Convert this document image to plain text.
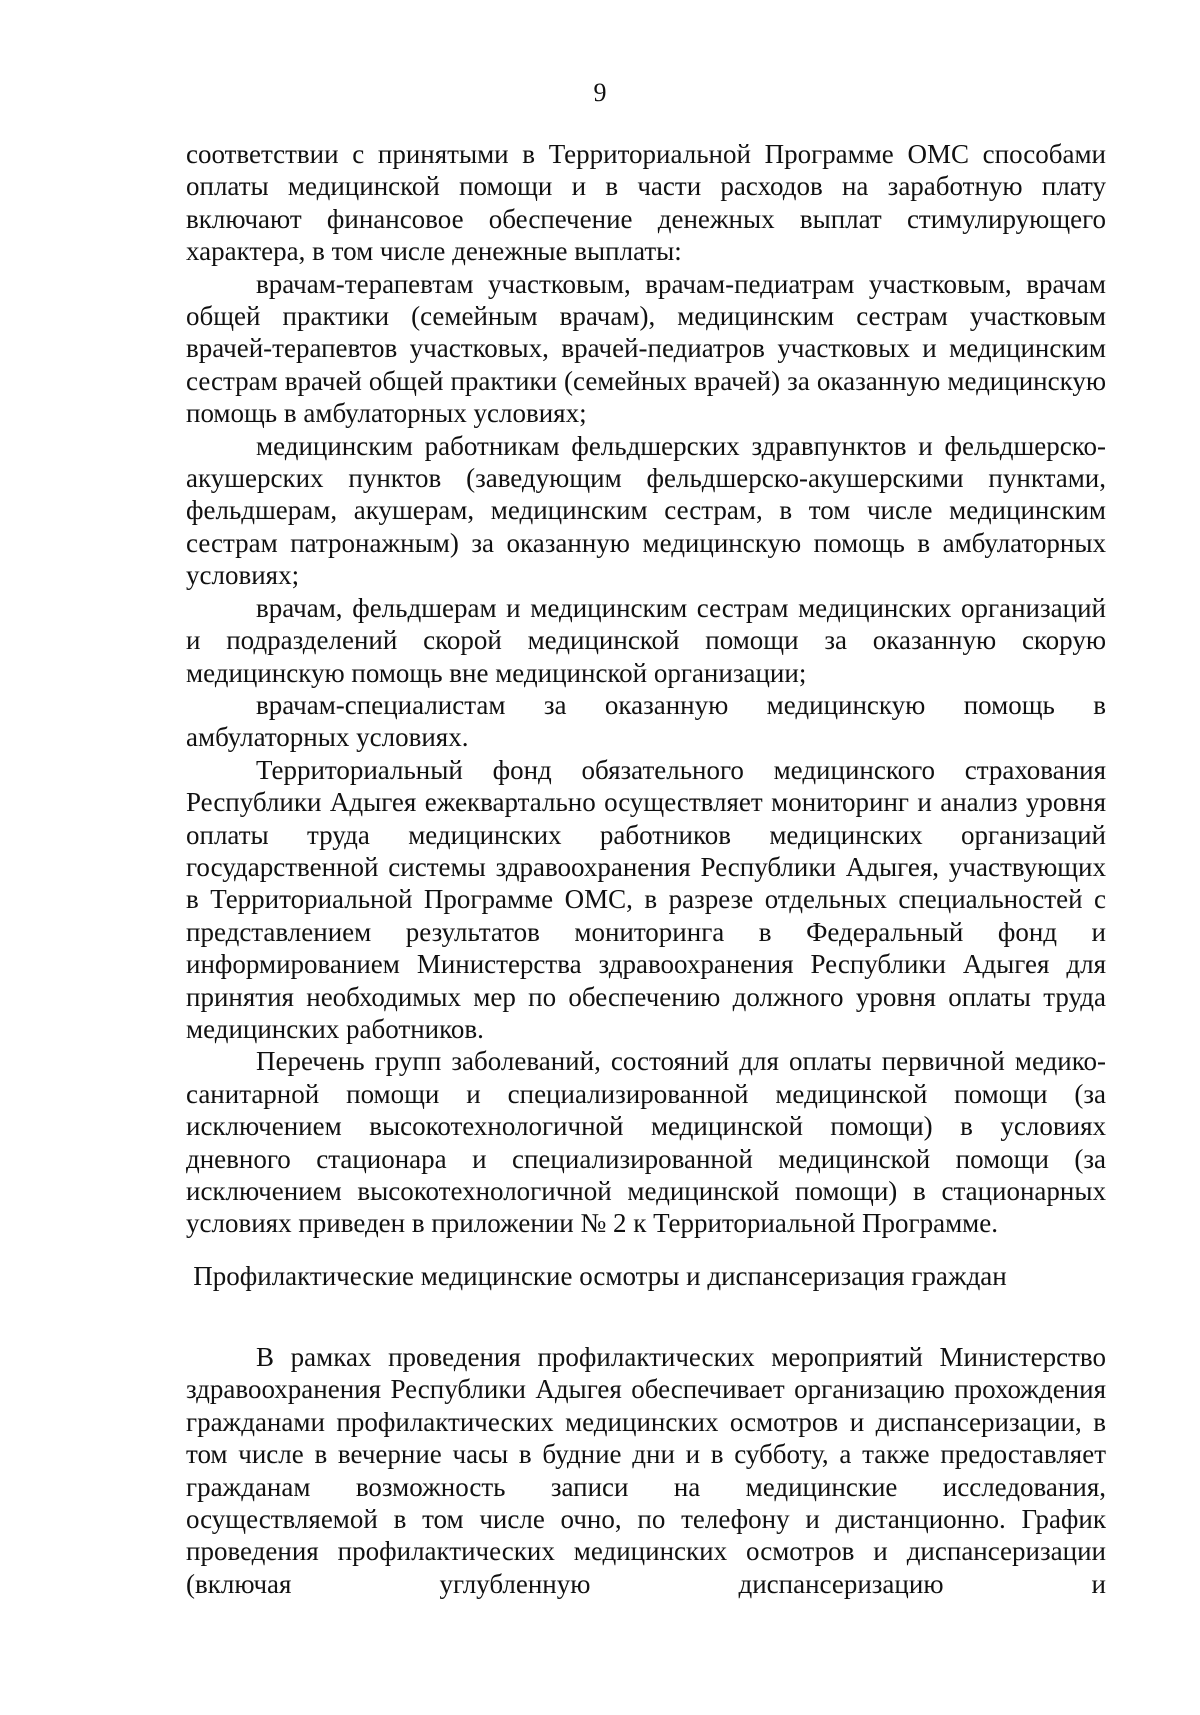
9

соответствии с принятыми в Территориальной Программе ОМС способами оплаты медицинской помощи и в части расходов на заработную плату включают финансовое обеспечение денежных выплат стимулирующего характера, в том числе денежные выплаты:

врачам-терапевтам участковым, врачам-педиатрам участковым, врачам общей практики (семейным врачам), медицинским сестрам участковым врачей-терапевтов участковых, врачей-педиатров участковых и медицинским сестрам врачей общей практики (семейных врачей) за оказанную медицинскую помощь в амбулаторных условиях;

медицинским работникам фельдшерских здравпунктов и фельдшерско-акушерских пунктов (заведующим фельдшерско-акушерскими пунктами, фельдшерам, акушерам, медицинским сестрам, в том числе медицинским сестрам патронажным) за оказанную медицинскую помощь в амбулаторных условиях;

врачам, фельдшерам и медицинским сестрам медицинских организаций и подразделений скорой медицинской помощи за оказанную скорую медицинскую помощь вне медицинской организации;

врачам-специалистам за оказанную медицинскую помощь в амбулаторных условиях.

Территориальный фонд обязательного медицинского страхования Республики Адыгея ежеквартально осуществляет мониторинг и анализ уровня оплаты труда медицинских работников медицинских организаций государственной системы здравоохранения Республики Адыгея, участвующих в Территориальной Программе ОМС, в разрезе отдельных специальностей с представлением результатов мониторинга в Федеральный фонд и информированием Министерства здравоохранения Республики Адыгея для принятия необходимых мер по обеспечению должного уровня оплаты труда медицинских работников.

Перечень групп заболеваний, состояний для оплаты первичной медико-санитарной помощи и специализированной медицинской помощи (за исключением высокотехнологичной медицинской помощи) в условиях дневного стационара и специализированной медицинской помощи (за исключением высокотехнологичной медицинской помощи) в стационарных условиях приведен в приложении № 2 к Территориальной Программе.

Профилактические медицинские осмотры и диспансеризация граждан

В рамках проведения профилактических мероприятий Министерство здравоохранения Республики Адыгея обеспечивает организацию прохождения гражданами профилактических медицинских осмотров и диспансеризации, в том числе в вечерние часы в будние дни и в субботу, а также предоставляет гражданам возможность записи на медицинские исследования, осуществляемой в том числе очно, по телефону и дистанционно. График проведения профилактических медицинских осмотров и диспансеризации (включая углубленную диспансеризацию и
